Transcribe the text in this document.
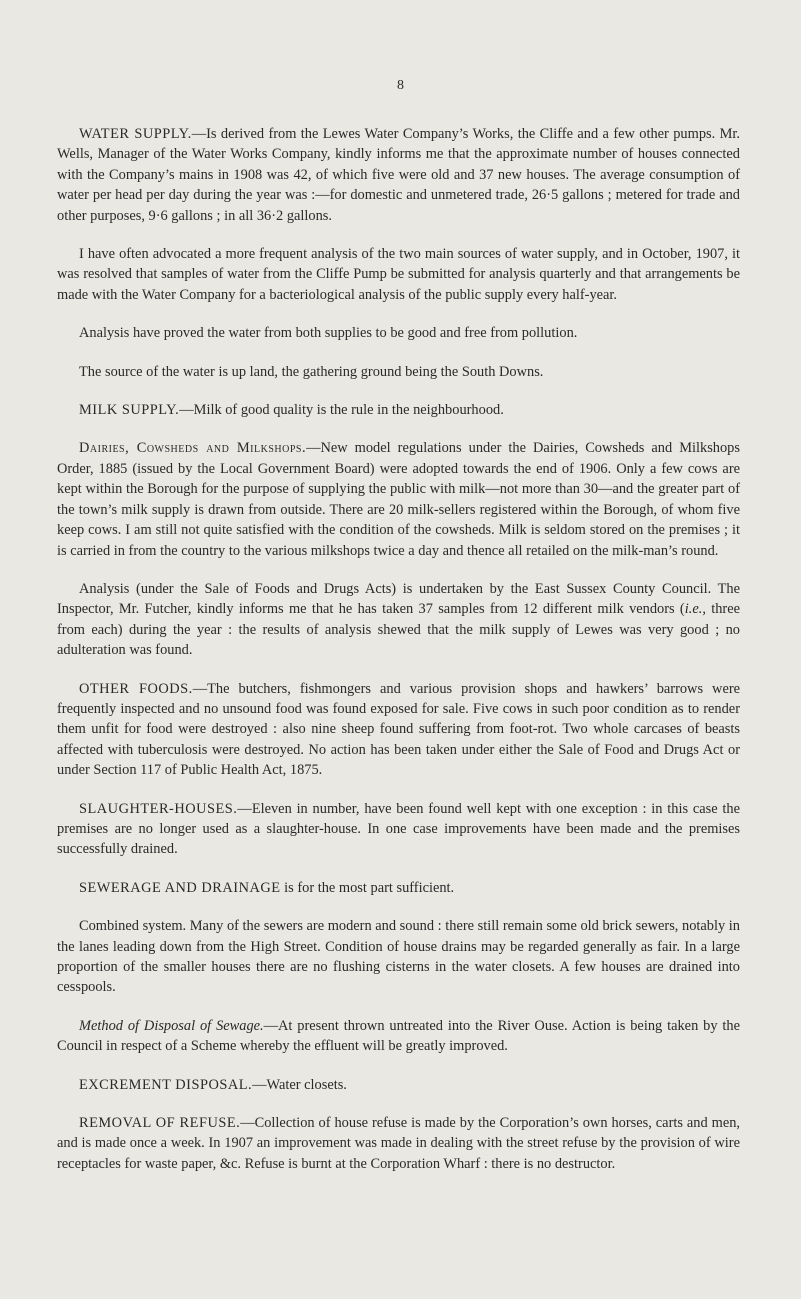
8

WATER SUPPLY.—Is derived from the Lewes Water Company’s Works, the Cliffe and a few other pumps. Mr. Wells, Manager of the Water Works Company, kindly informs me that the approximate number of houses connected with the Company’s mains in 1908 was 42, of which five were old and 37 new houses. The average consumption of water per head per day during the year was :—for domestic and unmetered trade, 26·5 gallons ; metered for trade and other purposes, 9·6 gallons ; in all 36·2 gallons.

I have often advocated a more frequent analysis of the two main sources of water supply, and in October, 1907, it was resolved that samples of water from the Cliffe Pump be submitted for analysis quarterly and that arrangements be made with the Water Company for a bacteriological analysis of the public supply every half-year.

Analysis have proved the water from both supplies to be good and free from pollution.

The source of the water is up land, the gathering ground being the South Downs.

MILK SUPPLY.—Milk of good quality is the rule in the neighbourhood.

Dairies, Cowsheds and Milkshops.—New model regulations under the Dairies, Cowsheds and Milkshops Order, 1885 (issued by the Local Government Board) were adopted towards the end of 1906. Only a few cows are kept within the Borough for the purpose of supplying the public with milk—not more than 30—and the greater part of the town’s milk supply is drawn from outside. There are 20 milk-sellers registered within the Borough, of whom five keep cows. I am still not quite satisfied with the condition of the cowsheds. Milk is seldom stored on the premises ; it is carried in from the country to the various milkshops twice a day and thence all retailed on the milk-man’s round.

Analysis (under the Sale of Foods and Drugs Acts) is undertaken by the East Sussex County Council. The Inspector, Mr. Futcher, kindly informs me that he has taken 37 samples from 12 different milk vendors (i.e., three from each) during the year : the results of analysis shewed that the milk supply of Lewes was very good ; no adulteration was found.

OTHER FOODS.—The butchers, fishmongers and various provision shops and hawkers’ barrows were frequently inspected and no unsound food was found exposed for sale. Five cows in such poor condition as to render them unfit for food were destroyed : also nine sheep found suffering from foot-rot. Two whole carcases of beasts affected with tuberculosis were destroyed. No action has been taken under either the Sale of Food and Drugs Act or under Section 117 of Public Health Act, 1875.

SLAUGHTER-HOUSES.—Eleven in number, have been found well kept with one exception : in this case the premises are no longer used as a slaughter-house. In one case improvements have been made and the premises successfully drained.

SEWERAGE AND DRAINAGE is for the most part sufficient.

Combined system. Many of the sewers are modern and sound : there still remain some old brick sewers, notably in the lanes leading down from the High Street. Condition of house drains may be regarded generally as fair. In a large proportion of the smaller houses there are no flushing cisterns in the water closets. A few houses are drained into cesspools.

Method of Disposal of Sewage.—At present thrown untreated into the River Ouse. Action is being taken by the Council in respect of a Scheme whereby the effluent will be greatly improved.

EXCREMENT DISPOSAL.—Water closets.

REMOVAL OF REFUSE.—Collection of house refuse is made by the Corporation’s own horses, carts and men, and is made once a week. In 1907 an improvement was made in dealing with the street refuse by the provision of wire receptacles for waste paper, &c. Refuse is burnt at the Corporation Wharf : there is no destructor.
